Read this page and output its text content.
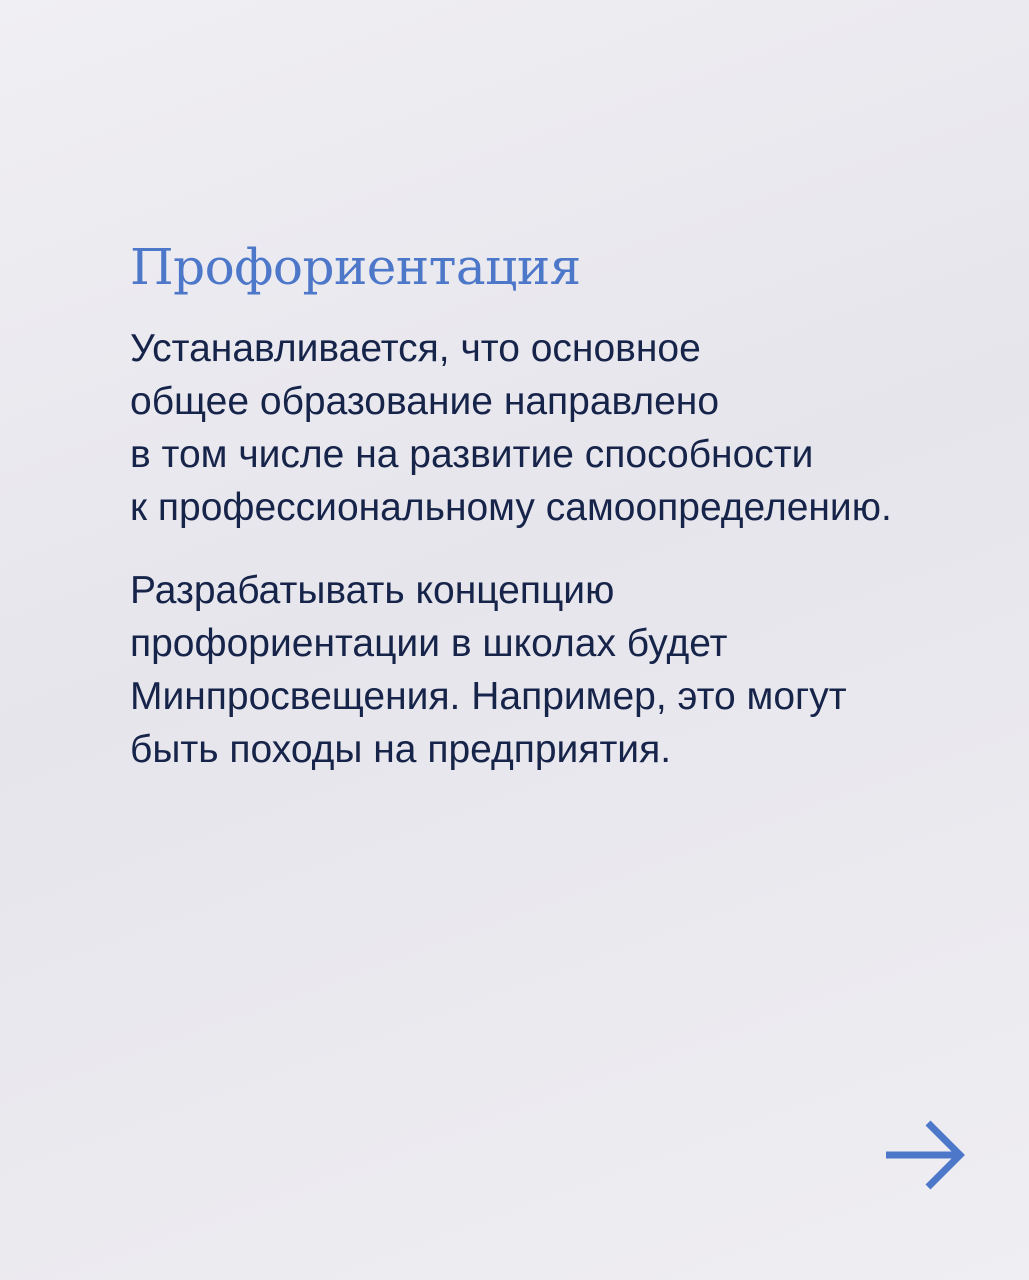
Профориентация

Устанавливается, что основное
общее образование направлено
в том числе на развитие способности
к профессиональному самоопределению.

Разрабатывать концепцию
профориентации в школах будет
Минпросвещения. Например, это могут
быть походы на предприятия.
